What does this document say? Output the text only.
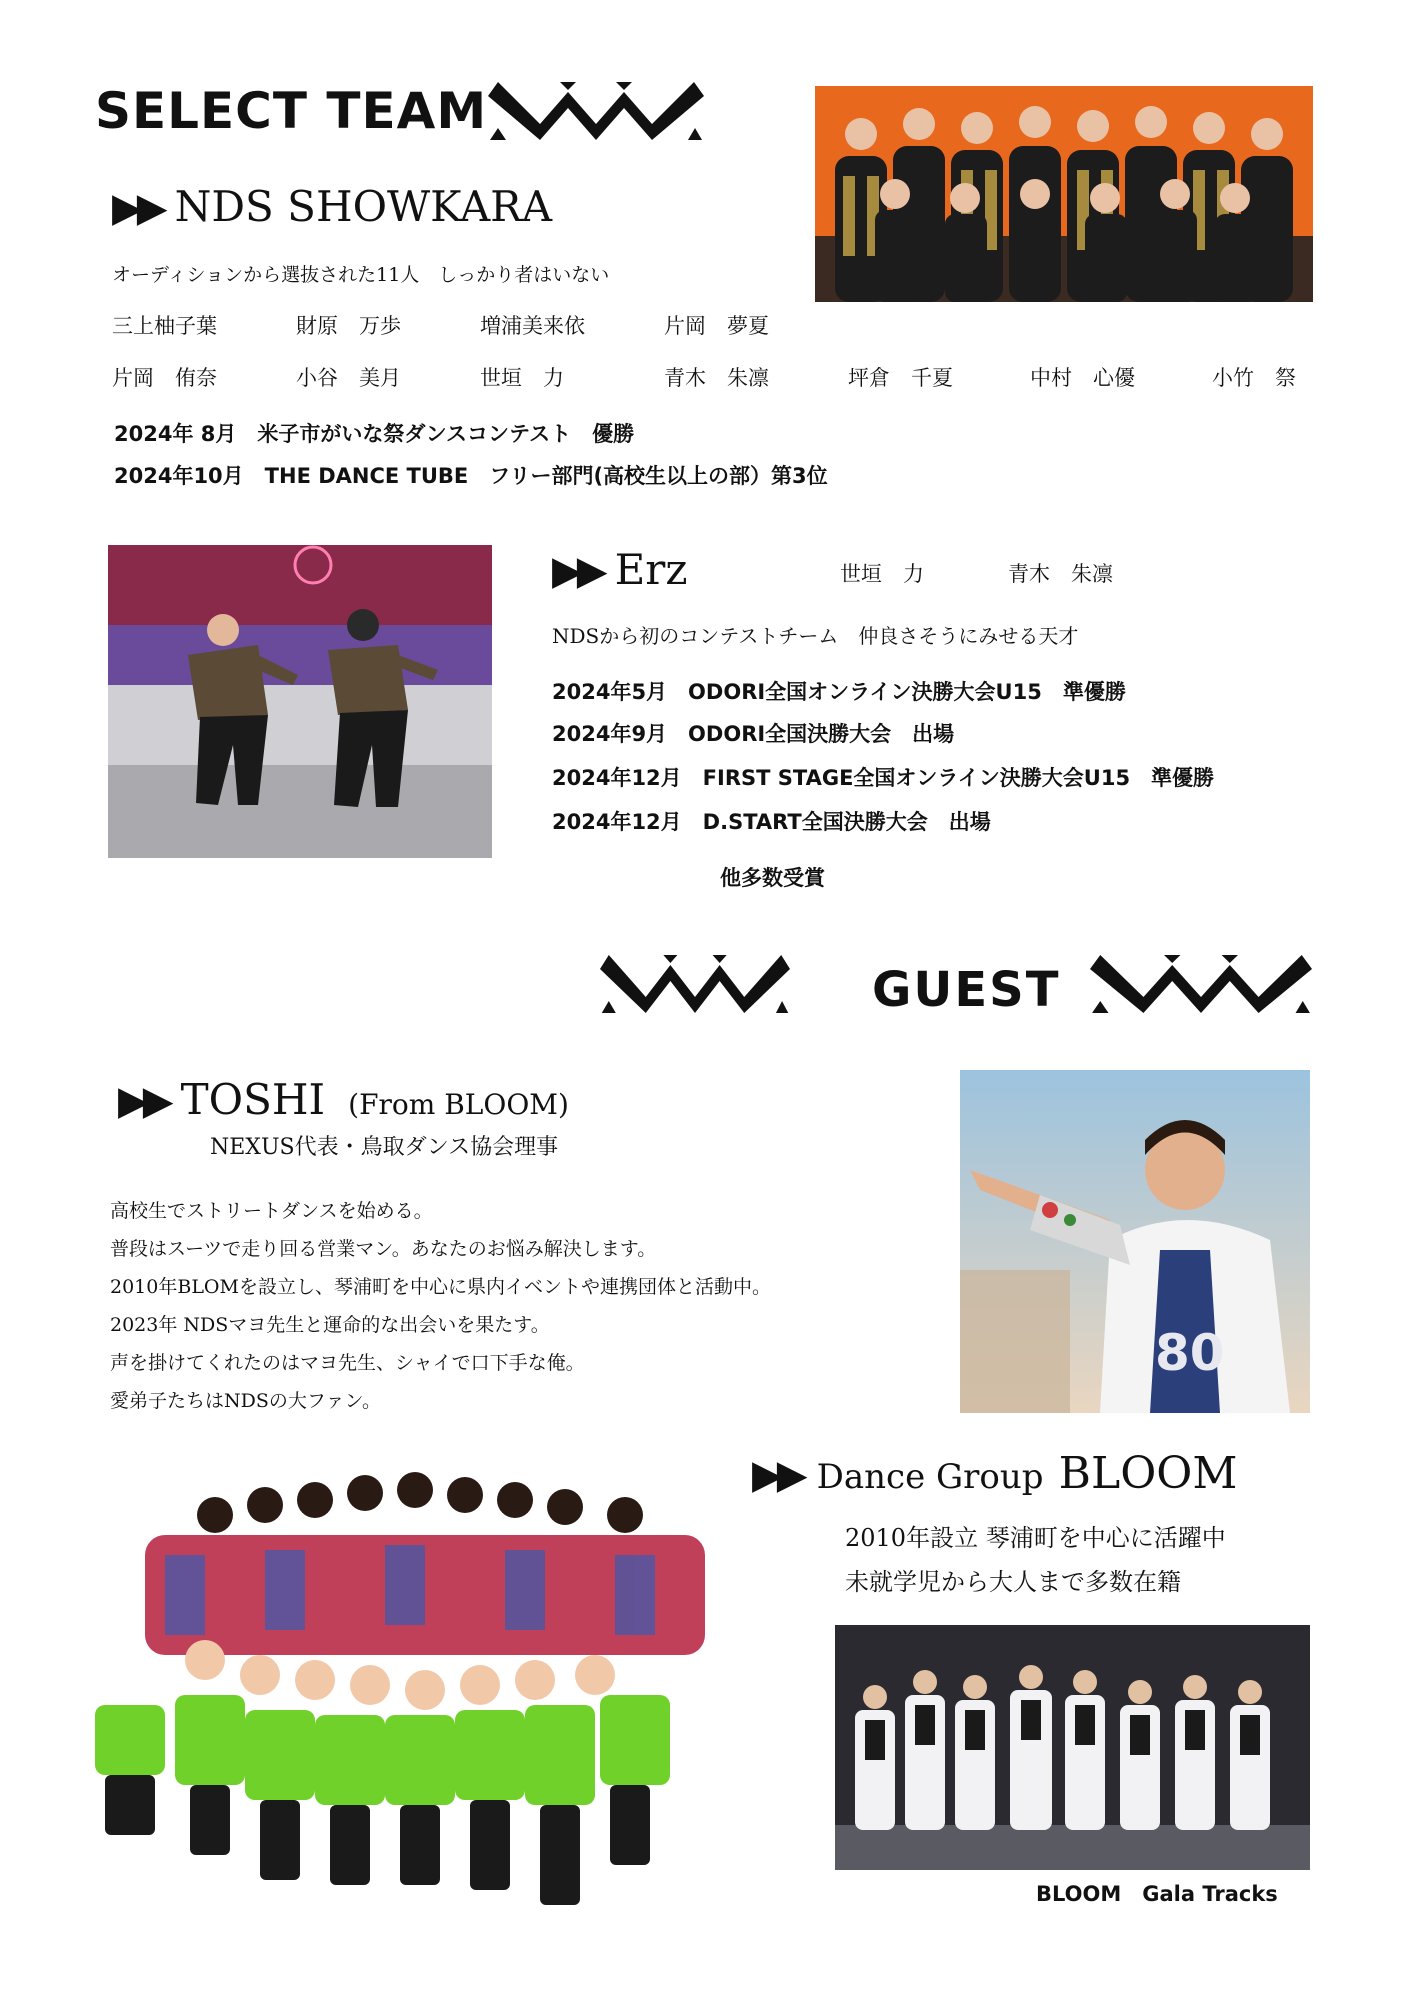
SELECT TEAM
▶▶ NDS SHOWKARA
オーディションから選抜された11人　しっかり者はいない
三上柚子葉	財原　万歩	増浦美来依	片岡　夢夏
片岡　侑奈	小谷　美月	世垣　力	青木　朱凛	坪倉　千夏	中村　心優	小竹　祭
2024年 8月　米子市がいな祭ダンスコンテスト　優勝
2024年10月　THE DANCE TUBE　フリー部門(高校生以上の部）第3位
▶▶ Erz	世垣　力	青木　朱凛
NDSから初のコンテストチーム　仲良さそうにみせる天才
2024年5月　ODORI全国オンライン決勝大会U15　準優勝
2024年9月　ODORI全国決勝大会　出場
2024年12月　FIRST STAGE全国オンライン決勝大会U15　準優勝
2024年12月　D.START全国決勝大会　出場
他多数受賞
GUEST
▶▶ TOSHI (From BLOOM)
NEXUS代表・鳥取ダンス協会理事
高校生でストリートダンスを始める。
普段はスーツで走り回る営業マン。あなたのお悩み解決します。
2010年BLOMを設立し、琴浦町を中心に県内イベントや連携団体と活動中。
2023年 NDSマヨ先生と運命的な出会いを果たす。
声を掛けてくれたのはマヨ先生、シャイで口下手な俺。
愛弟子たちはNDSの大ファン。
80
▶▶ Dance Group BLOOM
2010年設立 琴浦町を中心に活躍中
未就学児から大人まで多数在籍
BLOOM　Gala Tracks
